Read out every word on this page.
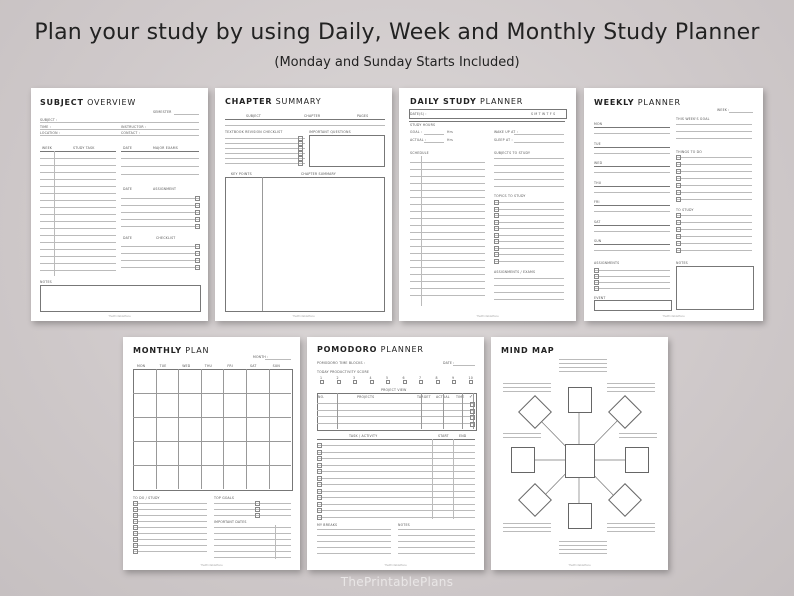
Plan your study by using Daily, Week and Monthly Study Planner
(Monday and Sunday Starts Included)
SUBJECT OVERVIEW
SEMESTER
SUBJECT :
TIME :	INSTRUCTOR :
LOCATION :	CONTACT :
WEEK	STUDY TASK	DATE	MAJOR EXAMS
DATE	ASSIGNMENT
DATE	CHECKLIST
NOTES
ThePrintablePlans
CHAPTER SUMMARY
SUBJECT	CHAPTER	PAGES
TEXTBOOK REVISION CHECKLIST	IMPORTANT QUESTIONS
KEY POINTS	CHAPTER SUMMARY
ThePrintablePlans
DAILY STUDY PLANNER
DATE(S) :	S M T W T F S
STUDY HOURS
GOAL :	Hrs
ACTUAL :	Hrs
WAKE UP AT :
SLEEP AT :
SCHEDULE	SUBJECTS TO STUDY
TOPICS TO STUDY
ASSIGNMENTS / EXAMS
ThePrintablePlans
WEEKLY PLANNER
WEEK :
THIS WEEK'S GOAL
THINGS TO DO
TO STUDY
ASSIGNMENTS	NOTES
EVENT
ThePrintablePlans
MON
TUE
WED
THU
FRI
SAT
SUN
MONTHLY PLAN
MONTH :
TO DO / STUDY	TOP GOALS
IMPORTANT DATES
ThePrintablePlans
MON	TUE	WED	THU	FRI	SAT	SUN
POMODORO PLANNER
POMODORO TIME BLOCKS :	DATE :
TODAY PRODUCTIVITY SCORE
PROJECT VIEW
NO.	PROJECTS	TARGET ACTUAL TIME ✓
TASK / ACTIVITY	START	END
MY BREAKS	NOTES
ThePrintablePlans
1	2	3	4	5	6	7	8	9	10
MIND MAP
ThePrintablePlans
ThePrintablePlans
